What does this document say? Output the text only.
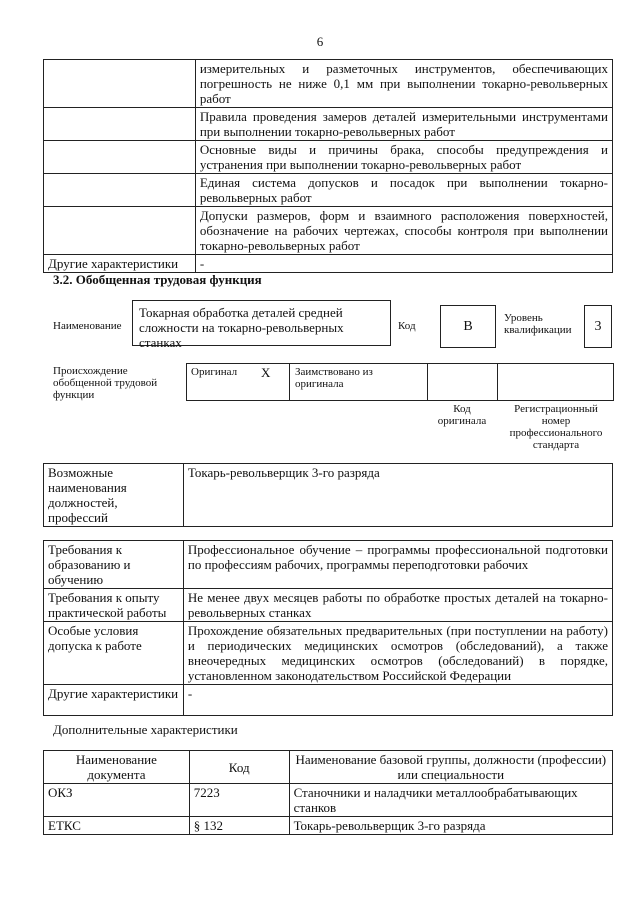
6
	измерительных и разметочных инструментов, обеспечивающих погрешность не ниже 0,1 мм при выполнении токарно-револьверных работ
	Правила проведения замеров деталей измерительными инструментами при выполнении токарно-револьверных работ
	Основные виды и причины брака, способы предупреждения и устранения при выполнении токарно-револьверных работ
	Единая система допусков и посадок при выполнении токарно-револьверных работ
	Допуски размеров, форм и взаимного расположения поверхностей, обозначение на рабочих чертежах, способы контроля при выполнении токарно-револьверных работ
Другие характеристики	-
3.2. Обобщенная трудовая функция
Наименование
Токарная обработка деталей средней сложности на токарно-револьверных станках
Код	B
Уровень квалификации	3
Происхождение обобщенной трудовой функции
Оригинал X Заимствовано из оригинала
Код оригинала
Регистрационный номер профессионального стандарта
Возможные наименования должностей, профессий	Токарь-револьверщик 3-го разряда
Требования к образованию и обучению	Профессиональное обучение – программы профессиональной подготовки по профессиям рабочих, программы переподготовки рабочих
Требования к опыту практической работы	Не менее двух месяцев работы по обработке простых деталей на токарно-револьверных станках
Особые условия допуска к работе	Прохождение обязательных предварительных (при поступлении на работу) и периодических медицинских осмотров (обследований), а также внеочередных медицинских осмотров (обследований) в порядке, установленном законодательством Российской Федерации
Другие характеристики	-
Дополнительные характеристики
Наименование документа	Код	Наименование базовой группы, должности (профессии) или специальности
ОКЗ	7223	Станочники и наладчики металлообрабатывающих станков
ЕТКС	§ 132	Токарь-револьверщик 3-го разряда
